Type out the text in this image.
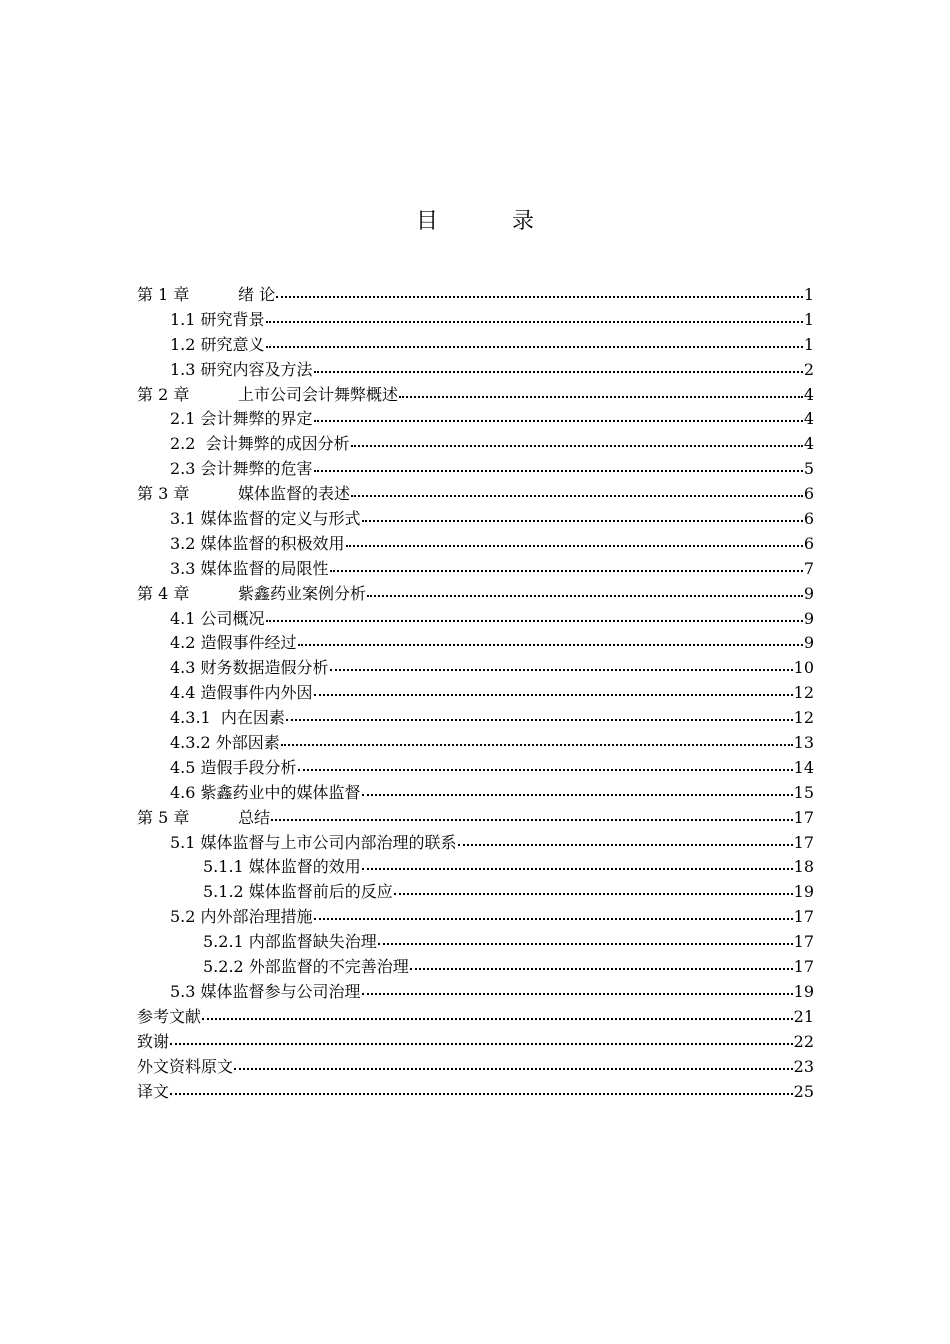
目　录
第 1 章	绪 论	1
1.1 研究背景	1
1.2 研究意义	1
1.3 研究内容及方法	2
第 2 章	上市公司会计舞弊概述	4
2.1 会计舞弊的界定	4
2.2 会计舞弊的成因分析	4
2.3 会计舞弊的危害	5
第 3 章	媒体监督的表述	6
3.1 媒体监督的定义与形式	6
3.2 媒体监督的积极效用	6
3.3 媒体监督的局限性	7
第 4 章	紫鑫药业案例分析	9
4.1 公司概况	9
4.2 造假事件经过	9
4.3 财务数据造假分析	10
4.4 造假事件内外因	12
4.3.1 内在因素	12
4.3.2 外部因素	13
4.5 造假手段分析	14
4.6 紫鑫药业中的媒体监督	15
第 5 章	总结	17
5.1 媒体监督与上市公司内部治理的联系	17
5.1.1 媒体监督的效用	18
5.1.2 媒体监督前后的反应	19
5.2 内外部治理措施	17
5.2.1 内部监督缺失治理	17
5.2.2 外部监督的不完善治理	17
5.3 媒体监督参与公司治理	19
参考文献	21
致谢	22
外文资料原文	23
译文	25
